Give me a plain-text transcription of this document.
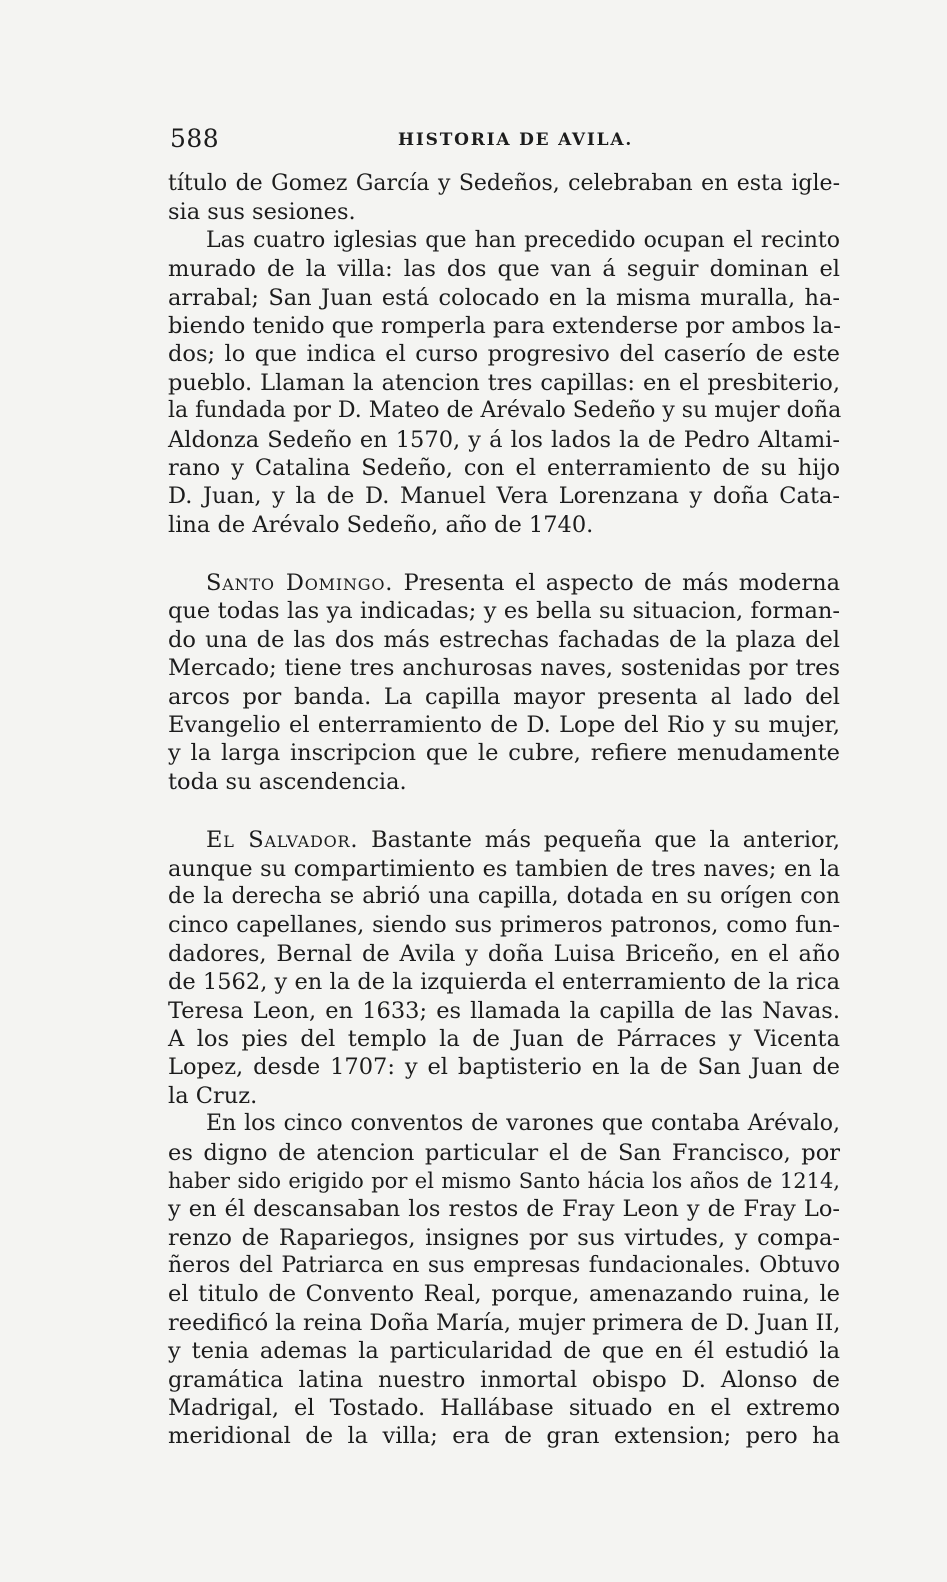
588	HISTORIA DE AVILA.
título de Gomez García y Sedeños, celebraban en esta igle-
sia sus sesiones.
Las cuatro iglesias que han precedido ocupan el recinto
murado de la villa: las dos que van á seguir dominan el
arrabal; San Juan está colocado en la misma muralla, ha-
biendo tenido que romperla para extenderse por ambos la-
dos; lo que indica el curso progresivo del caserío de este
pueblo. Llaman la atencion tres capillas: en el presbiterio,
la fundada por D. Mateo de Arévalo Sedeño y su mujer doña
Aldonza Sedeño en 1570, y á los lados la de Pedro Altami-
rano y Catalina Sedeño, con el enterramiento de su hijo
D. Juan, y la de D. Manuel Vera Lorenzana y doña Cata-
lina de Arévalo Sedeño, año de 1740.
Santo Domingo. Presenta el aspecto de más moderna
que todas las ya indicadas; y es bella su situacion, forman-
do una de las dos más estrechas fachadas de la plaza del
Mercado; tiene tres anchurosas naves, sostenidas por tres
arcos por banda. La capilla mayor presenta al lado del
Evangelio el enterramiento de D. Lope del Rio y su mujer,
y la larga inscripcion que le cubre, refiere menudamente
toda su ascendencia.
El Salvador. Bastante más pequeña que la anterior,
aunque su compartimiento es tambien de tres naves; en la
de la derecha se abrió una capilla, dotada en su orígen con
cinco capellanes, siendo sus primeros patronos, como fun-
dadores, Bernal de Avila y doña Luisa Briceño, en el año
de 1562, y en la de la izquierda el enterramiento de la rica
Teresa Leon, en 1633; es llamada la capilla de las Navas.
A los pies del templo la de Juan de Párraces y Vicenta
Lopez, desde 1707: y el baptisterio en la de San Juan de
la Cruz.
En los cinco conventos de varones que contaba Arévalo,
es digno de atencion particular el de San Francisco, por
haber sido erigido por el mismo Santo hácia los años de 1214,
y en él descansaban los restos de Fray Leon y de Fray Lo-
renzo de Rapariegos, insignes por sus virtudes, y compa-
ñeros del Patriarca en sus empresas fundacionales. Obtuvo
el titulo de Convento Real, porque, amenazando ruina, le
reedificó la reina Doña María, mujer primera de D. Juan II,
y tenia ademas la particularidad de que en él estudió la
gramática latina nuestro inmortal obispo D. Alonso de
Madrigal, el Tostado. Hallábase situado en el extremo
meridional de la villa; era de gran extension; pero ha
